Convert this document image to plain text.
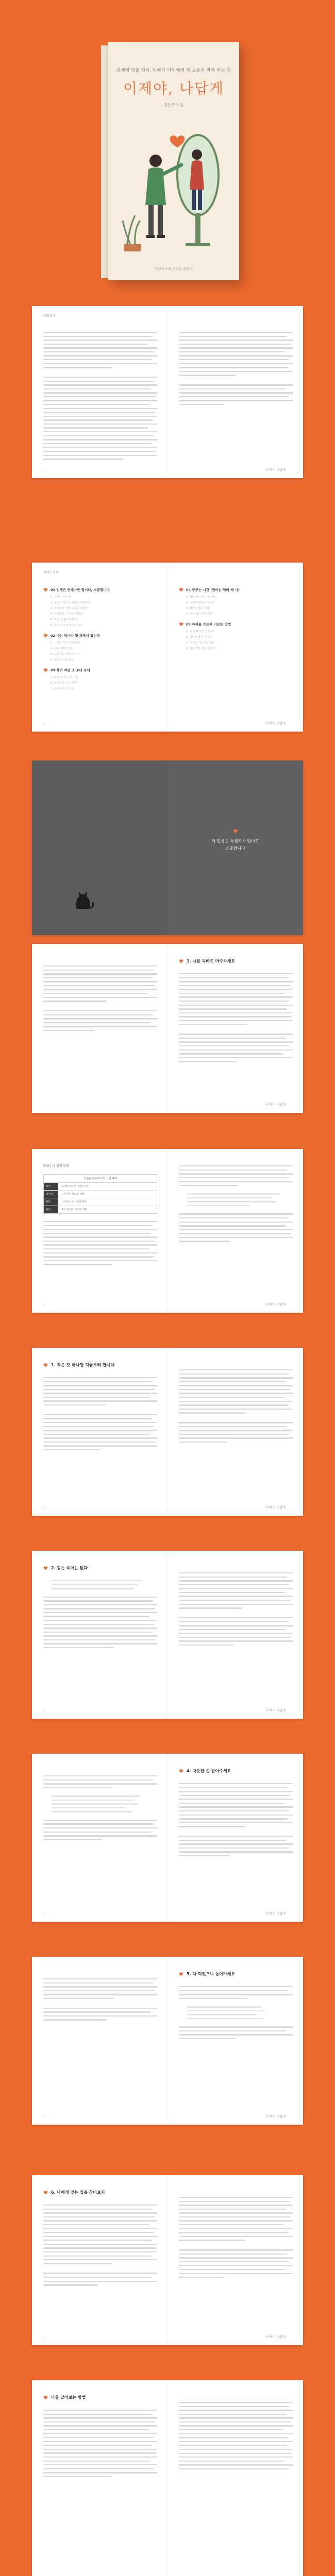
관계에 멈춘 엄마, 아빠가 아이에게 꼭 보듬어 봐야 하는 것
이제야, 나답게
김은주 지음
다산북스의 새로운 출판사
프롤로그
—	이제야, 나답게
차례 | 목차
01 인생은 변해야만 합니다, 소중합니다
1. 우리가 사는 삶
2. 힘들지 않아도 괜찮은 건강하다
3. 엄마에게 지난 소중한 너에게
4. 다 괜찮은 것 보다 괜찮은
5. 지금 그대로 충분하다
6. 힘든 것이 뭐야 힘든 사는
02 나는 엄마가 될 자격이 있는가
1. 기대가 가진 미래 행복
2. 나는 잘하고 있다
3. 그리 작은 행복 어디서
4. 힘들어 사는 없이
03 육아 어떤 소 보다 보니
1. 동네 다 보는 건 시간
2. 소중하게 하지 않게
3. 우리 엄마의 일상
—
04 꿈꾸는 시간 (엄마는 엄마 제 나)
1. 엄마라는 이름 엄마라는
2. 소중한 내일은 아니다
3. 엄마의 꿈을 지금
4. 아이 제 내게 미안한
05 아이를 가르쳐 기르는 방법
1. 첫 번째 아이 입장 중
2. 아이는 좋은 것이다
3. 아이를 키운다는 것은
4. 아이 결정 마음 만들기
이제야, 나답게
제 인생은 특별하지 않아도
소중합니다
—
1. 나를 똑바로 마주하세요
이제야, 나답게
도표 | 내 삶의 균형
기준을 정하게 나의 시간 체계
하루	나에게 주어진 시간과 기준
일주일	시간 관리 목표와 계획
한달	지켜가야 할 가치와 계획
일년	해야 할 일의 결과와 계획
—	이제야, 나답게
1. 작은 것 하나만 지금부터 합시다
—	이제야, 나답게
2. 힘든 육아는 없다
—	이제야, 나답게
—
4. 따뜻한 손 잡아주세요
이제야, 나답게
—
5. 다 먹었으니 돌아가세요
이제야, 나답게
6. 나에게 맞는 일을 찾아보자
—	이제야, 나답게
나를 알아보는 방법
